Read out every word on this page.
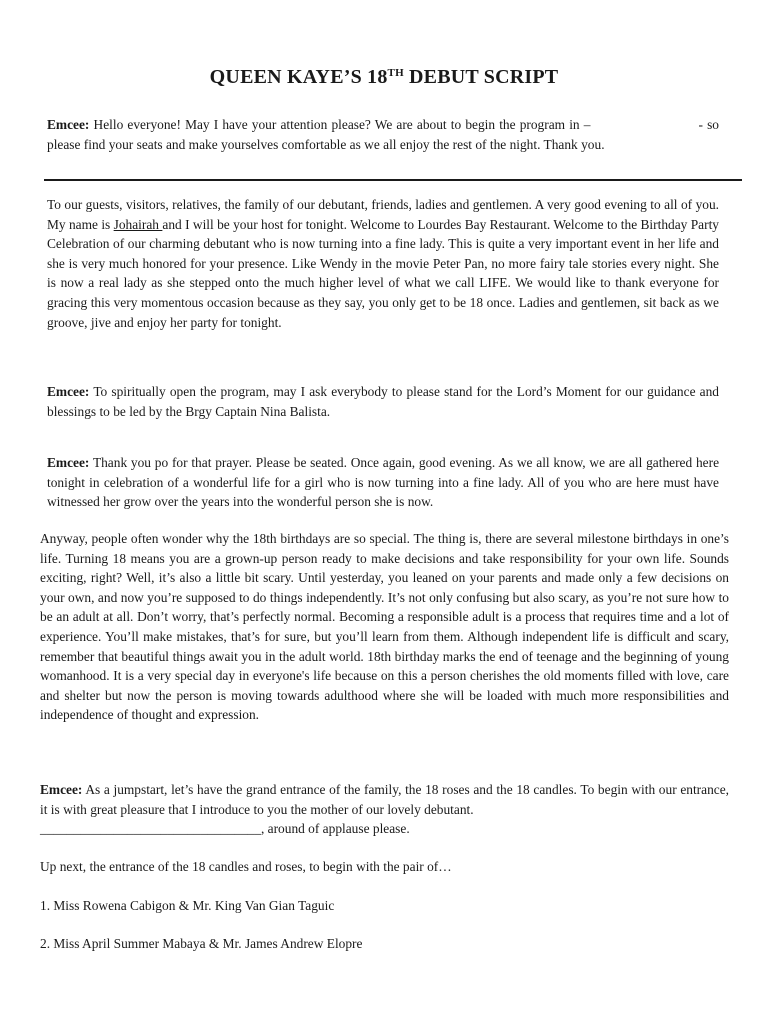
QUEEN KAYE’S 18TH DEBUT SCRIPT

Emcee: Hello everyone! May I have your attention please? We are about to begin the program in –	- so please find your seats and make yourselves comfortable as we all enjoy the rest of the night. Thank you.

To our guests, visitors, relatives, the family of our debutant, friends, ladies and gentlemen. A very good evening to all of you. My name is Johairah and I will be your host for tonight. Welcome to Lourdes Bay Restaurant. Welcome to the Birthday Party Celebration of our charming debutant who is now turning into a fine lady. This is quite a very important event in her life and she is very much honored for your presence. Like Wendy in the movie Peter Pan, no more fairy tale stories every night. She is now a real lady as she stepped onto the much higher level of what we call LIFE. We would like to thank everyone for gracing this very momentous occasion because as they say, you only get to be 18 once. Ladies and gentlemen, sit back as we groove, jive and enjoy her party for tonight.

Emcee: To spiritually open the program, may I ask everybody to please stand for the Lord’s Moment for our guidance and blessings to be led by the Brgy Captain Nina Balista.

Emcee: Thank you po for that prayer. Please be seated. Once again, good evening. As we all know, we are all gathered here tonight in celebration of a wonderful life for a girl who is now turning into a fine lady. All of you who are here must have witnessed her grow over the years into the wonderful person she is now.

Anyway, people often wonder why the 18th birthdays are so special. The thing is, there are several milestone birthdays in one’s life. Turning 18 means you are a grown-up person ready to make decisions and take responsibility for your own life. Sounds exciting, right? Well, it’s also a little bit scary. Until yesterday, you leaned on your parents and made only a few decisions on your own, and now you’re supposed to do things independently. It’s not only confusing but also scary, as you’re not sure how to be an adult at all. Don’t worry, that’s perfectly normal. Becoming a responsible adult is a process that requires time and a lot of experience. You’ll make mistakes, that’s for sure, but you’ll learn from them. Although independent life is difficult and scary, remember that beautiful things await you in the adult world. 18th birthday marks the end of teenage and the beginning of young womanhood. It is a very special day in everyone's life because on this a person cherishes the old moments filled with love, care and shelter but now the person is moving towards adulthood where she will be loaded with much more responsibilities and independence of thought and expression.

Emcee: As a jumpstart, let’s have the grand entrance of the family, the 18 roses and the 18 candles. To begin with our entrance, it is with great pleasure that I introduce to you the mother of our lovely debutant.
_________________________________, around of applause please.

Up next, the entrance of the 18 candles and roses, to begin with the pair of…

1. Miss Rowena Cabigon & Mr. King Van Gian Taguic

2. Miss April Summer Mabaya & Mr. James Andrew Elopre
